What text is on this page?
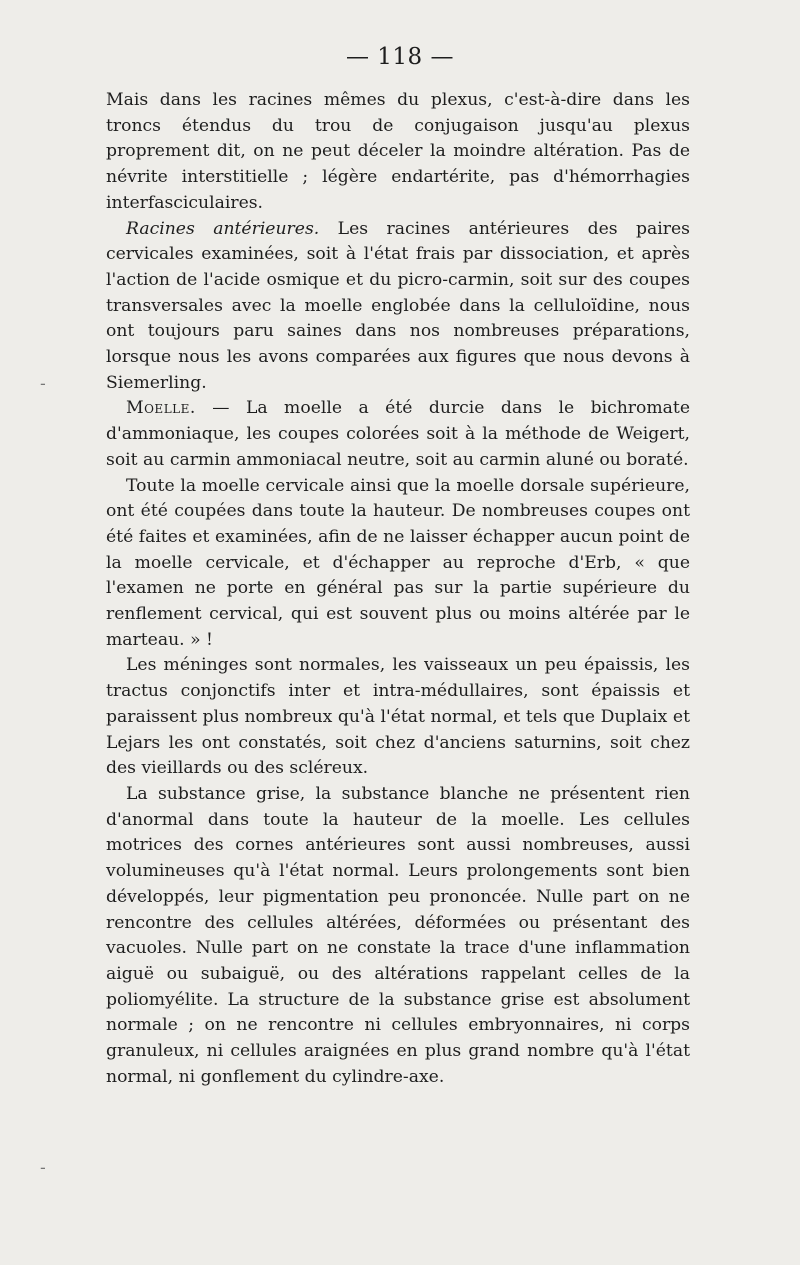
— 118 —

Mais dans les racines mêmes du plexus, c'est-à-dire dans les troncs étendus du trou de conjugaison jusqu'au plexus proprement dit, on ne peut déceler la moindre altération. Pas de névrite interstitielle ; légère endartérite, pas d'hémorrhagies interfasciculaires.

Racines antérieures. Les racines antérieures des paires cervicales examinées, soit à l'état frais par dissociation, et après l'action de l'acide osmique et du picro-carmin, soit sur des coupes transversales avec la moelle englobée dans la celluloïdine, nous ont toujours paru saines dans nos nombreuses préparations, lorsque nous les avons comparées aux figures que nous devons à Siemerling.

Moelle. — La moelle a été durcie dans le bichromate d'ammoniaque, les coupes colorées soit à la méthode de Weigert, soit au carmin ammoniacal neutre, soit au carmin aluné ou boraté.

Toute la moelle cervicale ainsi que la moelle dorsale supérieure, ont été coupées dans toute la hauteur. De nombreuses coupes ont été faites et examinées, afin de ne laisser échapper aucun point de la moelle cervicale, et d'échapper au reproche d'Erb, « que l'examen ne porte en général pas sur la partie supérieure du renflement cervical, qui est souvent plus ou moins altérée par le marteau. » !

Les méninges sont normales, les vaisseaux un peu épaissis, les tractus conjonctifs inter et intra-médullaires, sont épaissis et paraissent plus nombreux qu'à l'état normal, et tels que Duplaix et Lejars les ont constatés, soit chez d'anciens saturnins, soit chez des vieillards ou des scléreux.

La substance grise, la substance blanche ne présentent rien d'anormal dans toute la hauteur de la moelle. Les cellules motrices des cornes antérieures sont aussi nombreuses, aussi volumineuses qu'à l'état normal. Leurs prolongements sont bien développés, leur pigmentation peu prononcée. Nulle part on ne rencontre des cellules altérées, déformées ou présentant des vacuoles. Nulle part on ne constate la trace d'une inflammation aiguë ou subaiguë, ou des altérations rappelant celles de la poliomyélite. La structure de la substance grise est absolument normale ; on ne rencontre ni cellules embryonnaires, ni corps granuleux, ni cellules araignées en plus grand nombre qu'à l'état normal, ni gonflement du cylindre-axe.

-
-
